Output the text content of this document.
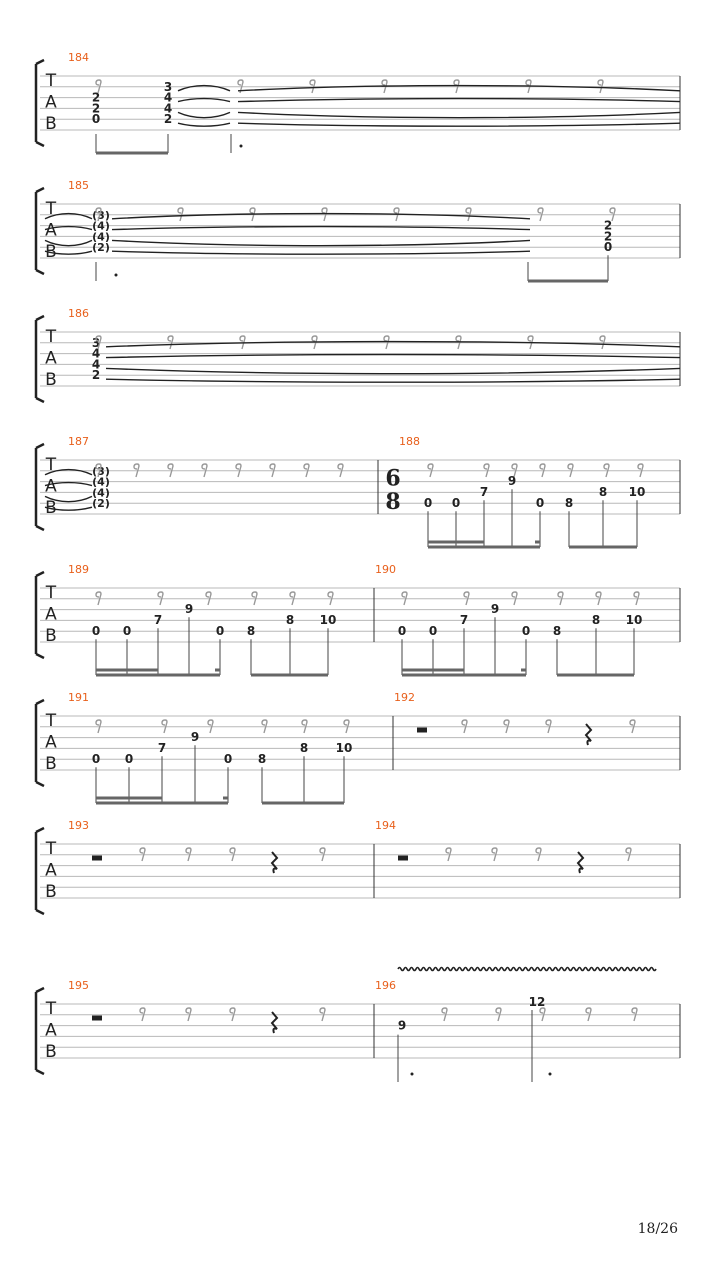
T
A
B
184
2
2
0
3
4
4
2
T
A
B
185
(3)
(4)
(4)
(2)
2
2
0
T
A
B
186
3
4
4
2
T
A
B
187
(3)
(4)
(4)
(2)
188
6
8 0 0
7
9
0 8
8 10
T
A
B
189	190
0 0
7
9
0 8
8 10
0 0
7
9
0 8
8 10
T
A
B
191	192
0 0
7
9
0 8
8 10
T
A
B
193	194
T
A
B
195	196
9
12
18/26
